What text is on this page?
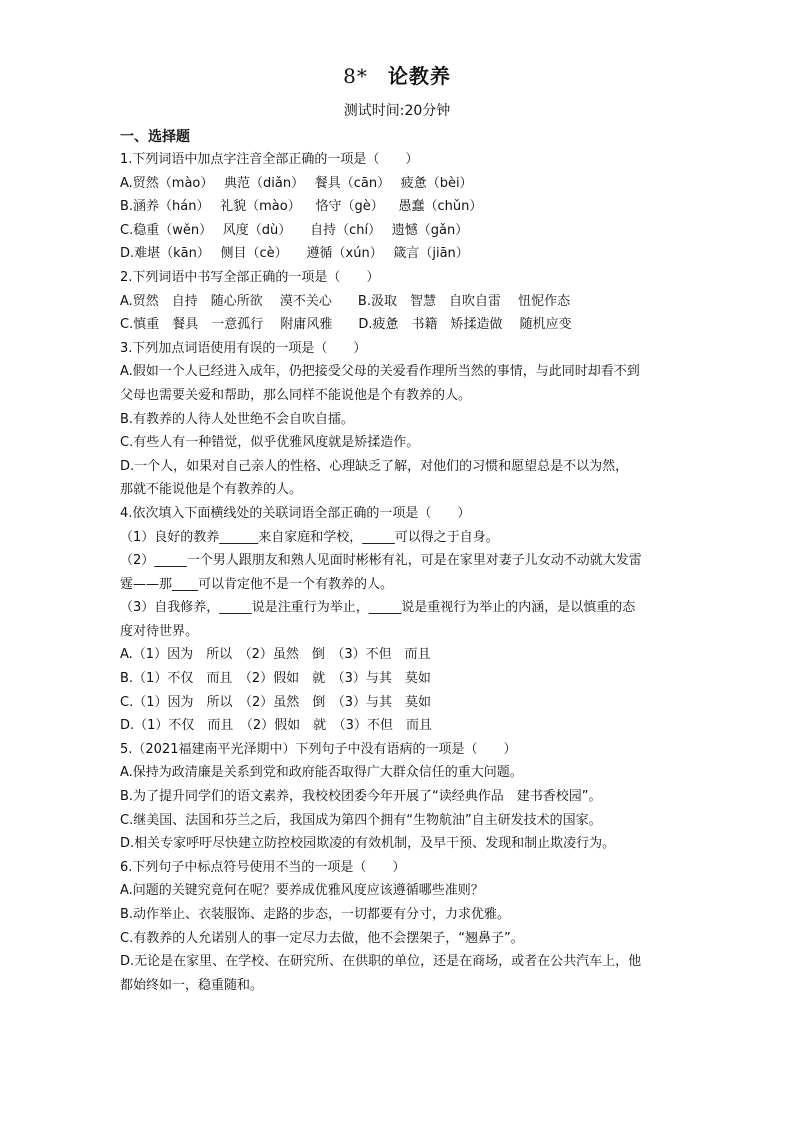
8* 论教养
测试时间:20分钟
一、选择题
1.下列词语中加点字注音全部正确的一项是（　　）
A.贸然（mào）　 典范（diǎn）　 餐具（cān）　 疲惫（bèi）
B.涵养（hán）　 礼貌（mào）　  恪守（gè）　  愚蠢（chǔn）
C.稳重（wěn）　 风度（dù）　   自持（chí）　 遗憾（gǎn）
D.难堪（kān）　 侧目（cè）　   遵循（xún）　 箴言（jiān）
2.下列词语中书写全部正确的一项是（　　）
A.贸然　自持　随心所欲　 漠不关心　　B.汲取　智慧　自吹自雷　 忸怩作态
C.慎重　餐具　一意孤行　 附庸风雅　　D.疲惫　书籍　矫揉造做　 随机应变
3.下列加点词语使用有误的一项是（　　）
A.假如一个人已经进入成年，仍把接受父母的关爱看作理所当然的事情，与此同时却看不到
父母也需要关爱和帮助，那么同样不能说他是个有教养的人。
B.有教养的人待人处世绝不会自吹自擂。
C.有些人有一种错觉，似乎优雅风度就是矫揉造作。
D.一个人，如果对自己亲人的性格、心理缺乏了解，对他们的习惯和愿望总是不以为然，
那就不能说他是个有教养的人。
4.依次填入下面横线处的关联词语全部正确的一项是（　　）
（1）良好的教养______来自家庭和学校，_____可以得之于自身。
（2）_____一个男人跟朋友和熟人见面时彬彬有礼，可是在家里对妻子儿女动不动就大发雷
霆——那____可以肯定他不是一个有教养的人。
（3）自我修养，_____说是注重行为举止，_____说是重视行为举止的内涵，是以慎重的态
度对待世界。
A.（1）因为　所以　（2）虽然　倒　（3）不但　而且
B.（1）不仅　而且　（2）假如　就　（3）与其　莫如
C.（1）因为　所以　（2）虽然　倒　（3）与其　莫如
D.（1）不仅　而且　（2）假如　就　（3）不但　而且
5.（2021福建南平光泽期中）下列句子中没有语病的一项是（　　）
A.保持为政清廉是关系到党和政府能否取得广大群众信任的重大问题。
B.为了提升同学们的语文素养，我校校团委今年开展了“读经典作品　建书香校园”。
C.继美国、法国和芬兰之后，我国成为第四个拥有“生物航油”自主研发技术的国家。
D.相关专家呼吁尽快建立防控校园欺凌的有效机制，及早干预、发现和制止欺凌行为。
6.下列句子中标点符号使用不当的一项是（　　）
A.问题的关键究竟何在呢？要养成优雅风度应该遵循哪些准则？
B.动作举止、衣装服饰、走路的步态，一切都要有分寸，力求优雅。
C.有教养的人允诺别人的事一定尽力去做，他不会摆架子，“翘鼻子”。
D.无论是在家里、在学校、在研究所、在供职的单位，还是在商场，或者在公共汽车上，他
都始终如一，稳重随和。
